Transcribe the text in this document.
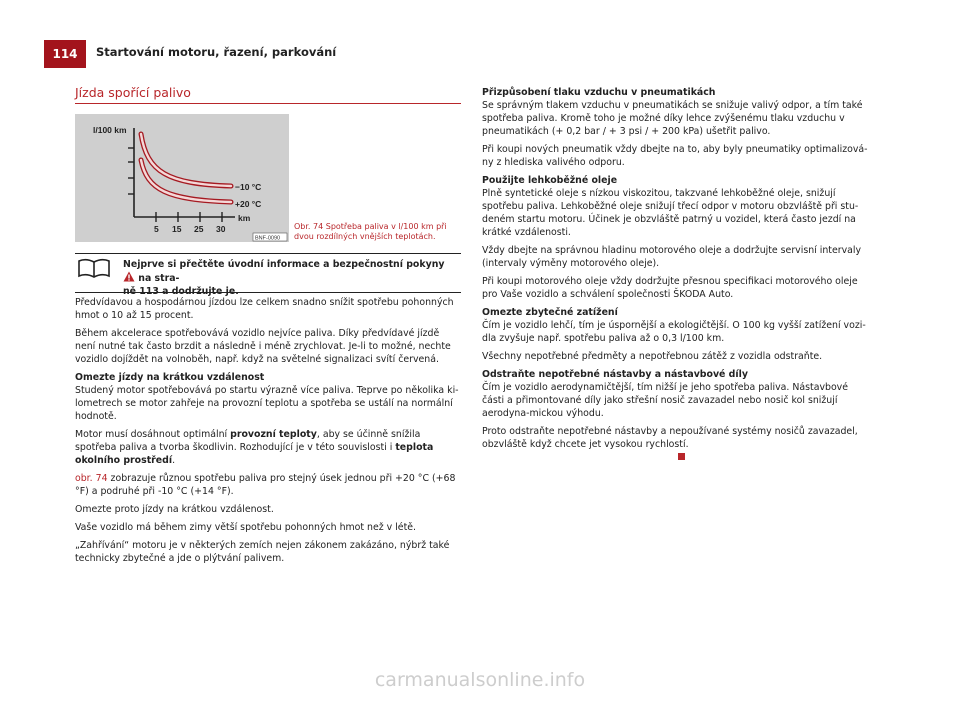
114	Startování motoru, řazení, parkování
Jízda spořící palivo
l/100 km
−10 °C
+20 °C
km
5 15 25 30
BNF-0090
Obr. 74 Spotřeba paliva v l/100 km při
dvou rozdílných vnějších teplotách.
Nejprve si přečtěte úvodní informace a bezpečnostní pokyny  na stra-
ně 113 a dodržujte je.

Předvídavou a hospodárnou jízdou lze celkem snadno snížit spotřebu pohonných hmot o 10 až 15 procent.

Během akcelerace spotřebovává vozidlo nejvíce paliva. Díky předvídavé jízdě není nutné tak často brzdit a následně i méně zrychlovat. Je-li to možné, nechte vozidlo dojíždět na volnoběh, např. když na světelné signalizaci svítí červená.

Omezte jízdy na krátkou vzdálenost

Studený motor spotřebovává po startu výrazně více paliva. Teprve po několika ki-lometrech se motor zahřeje na provozní teplotu a spotřeba se ustálí na normální hodnotě.

Motor musí dosáhnout optimální provozní teploty, aby se účinně snížila spotřeba paliva a tvorba škodlivin. Rozhodující je v této souvislosti i teplota okolního prostředí.

obr. 74 zobrazuje různou spotřebu paliva pro stejný úsek jednou při +20 °C (+68 °F) a podruhé při -10 °C (+14 °F).

Omezte proto jízdy na krátkou vzdálenost.

Vaše vozidlo má během zimy větší spotřebu pohonných hmot než v létě.

„Zahřívání“ motoru je v některých zemích nejen zákonem zakázáno, nýbrž také technicky zbytečné a jde o plýtvání palivem.

Přizpůsobení tlaku vzduchu v pneumatikách

Se správným tlakem vzduchu v pneumatikách se snižuje valivý odpor, a tím také spotřeba paliva. Kromě toho je možné díky lehce zvýšenému tlaku vzduchu v pneumatikách (+ 0,2 bar / + 3 psi / + 200 kPa) ušetřit palivo.

Při koupi nových pneumatik vždy dbejte na to, aby byly pneumatiky optimalizová-ny z hlediska valivého odporu.

Použijte lehkoběžné oleje

Plně syntetické oleje s nízkou viskozitou, takzvané lehkoběžné oleje, snižují spotřebu paliva. Lehkoběžné oleje snižují třecí odpor v motoru obzvláště při stu-deném startu motoru. Účinek je obzvláště patrný u vozidel, která často jezdí na krátké vzdálenosti.

Vždy dbejte na správnou hladinu motorového oleje a dodržujte servisní intervaly (intervaly výměny motorového oleje).

Při koupi motorového oleje vždy dodržujte přesnou specifikaci motorového oleje pro Vaše vozidlo a schválení společnosti ŠKODA Auto.

Omezte zbytečné zatížení

Čím je vozidlo lehčí, tím je úspornější a ekologičtější. O 100 kg vyšší zatížení vozi-dla zvyšuje např. spotřebu paliva až o 0,3 l/100 km.

Všechny nepotřebné předměty a nepotřebnou zátěž z vozidla odstraňte.

Odstraňte nepotřebné nástavby a nástavbové díly

Čím je vozidlo aerodynamičtější, tím nižší je jeho spotřeba paliva. Nástavbové části a přimontované díly jako střešní nosič zavazadel nebo nosič kol snižují aerodyna-mickou výhodu.

Proto odstraňte nepotřebné nástavby a nepoužívané systémy nosičů zavazadel, obzvláště když chcete jet vysokou rychlostí.

carmanualsonline.info
